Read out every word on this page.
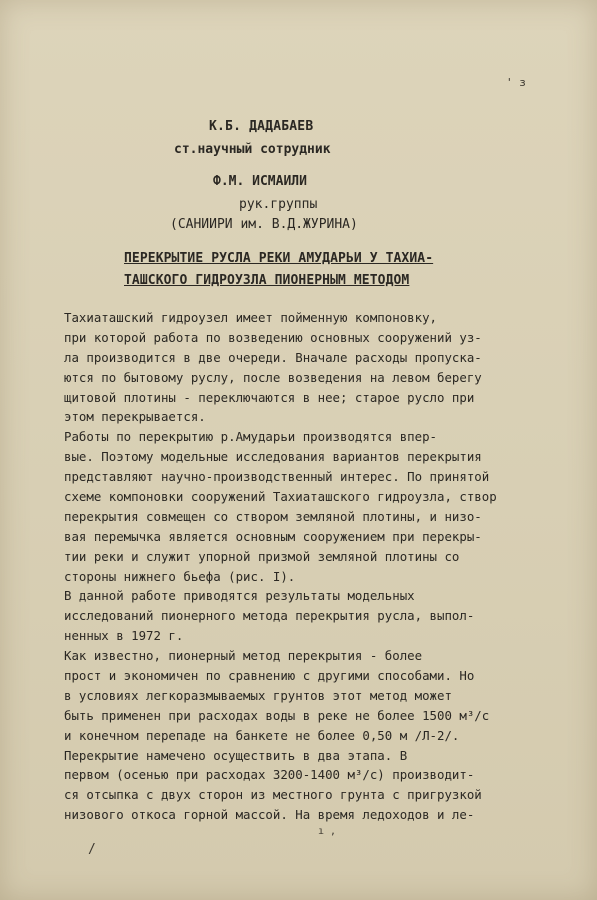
' з
К.Б. ДАДАБАЕВ
ст.научный сотрудник
Ф.М. ИСМАИЛИ
рук.группы
(САНИИРИ им. В.Д.ЖУРИНА)
ПЕРЕКРЫТИЕ РУСЛА РЕКИ АМУДАРЬИ У ТАХИА-
ТАШСКОГО ГИДРОУЗЛА ПИОНЕРНЫМ МЕТОДОМ
Тахиаташский гидроузел имеет пойменную компоновку,
при которой работа по возведению основных сооружений уз-
ла производится в две очереди. Вначале расходы пропуска-
ются по бытовому руслу, после возведения на левом берегу
щитовой плотины - переключаются в нее; старое русло при
этом перекрывается.
Работы по перекрытию р.Амударьи производятся впер-
вые. Поэтому модельные исследования вариантов перекрытия
представляют научно-производственный интерес. По принятой
схеме компоновки сооружений Тахиаташского гидроузла, створ
перекрытия совмещен со створом земляной плотины, и низо-
вая перемычка является основным сооружением при перекры-
тии реки и служит упорной призмой земляной плотины со
стороны нижнего бьефа (рис. I).
В данной работе приводятся результаты модельных
исследований пионерного метода перекрытия русла, выпол-
ненных в 1972 г.
Как известно, пионерный метод перекрытия - более
прост и экономичен по сравнению с другими способами. Но
в условиях легкоразмываемых грунтов этот метод может
быть применен при расходах воды в реке не более 1500 м³/с
и конечном перепаде на банкете не более 0,50 м /Л-2/.
Перекрытие намечено осуществить в два этапа. В
первом (осенью при расходах 3200-1400 м³/с) производит-
ся отсыпка с двух сторон из местного грунта с пригрузкой
низового откоса горной массой. На время ледоходов и ле-
ı ,
/
